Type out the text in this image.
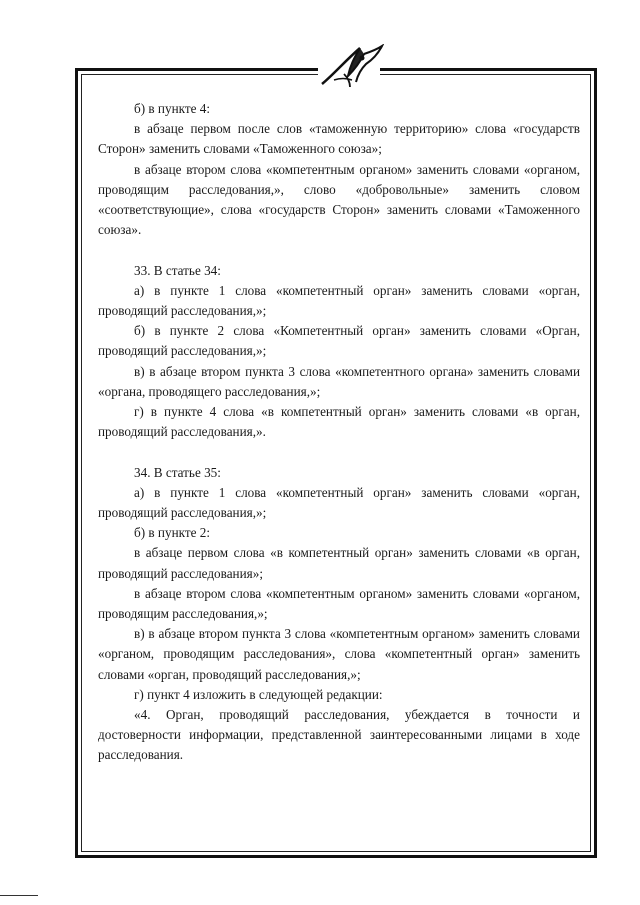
б) в пункте 4:

в абзаце первом после слов «таможенную территорию» слова «государств Сторон» заменить словами «Таможенного союза»;

в абзаце втором слова «компетентным органом» заменить словами «органом, проводящим расследования,», слово «добровольные» заменить словом «соответствующие», слова «государств Сторон» заменить словами «Таможенного союза».

33. В статье 34:

а) в пункте 1 слова «компетентный орган» заменить словами «орган, проводящий расследования,»;

б) в пункте 2 слова «Компетентный орган» заменить словами «Орган, проводящий расследования,»;

в) в абзаце втором пункта 3 слова «компетентного органа» заменить словами «органа, проводящего расследования,»;

г) в пункте 4 слова «в компетентный орган» заменить словами «в орган, проводящий расследования,».

34. В статье 35:

а) в пункте 1 слова «компетентный орган» заменить словами «орган, проводящий расследования,»;

б) в пункте 2:

в абзаце первом слова «в компетентный орган» заменить словами «в орган, проводящий расследования»;

в абзаце втором слова «компетентным органом» заменить словами «органом, проводящим расследования,»;

в) в абзаце втором пункта 3 слова «компетентным органом» заменить словами «органом, проводящим расследования», слова «компетентный орган» заменить словами «орган, проводящий расследования,»;

г) пункт 4 изложить в следующей редакции:

«4. Орган, проводящий расследования, убеждается в точности и достоверности информации, представленной заинтересованными лицами в ходе расследования.
